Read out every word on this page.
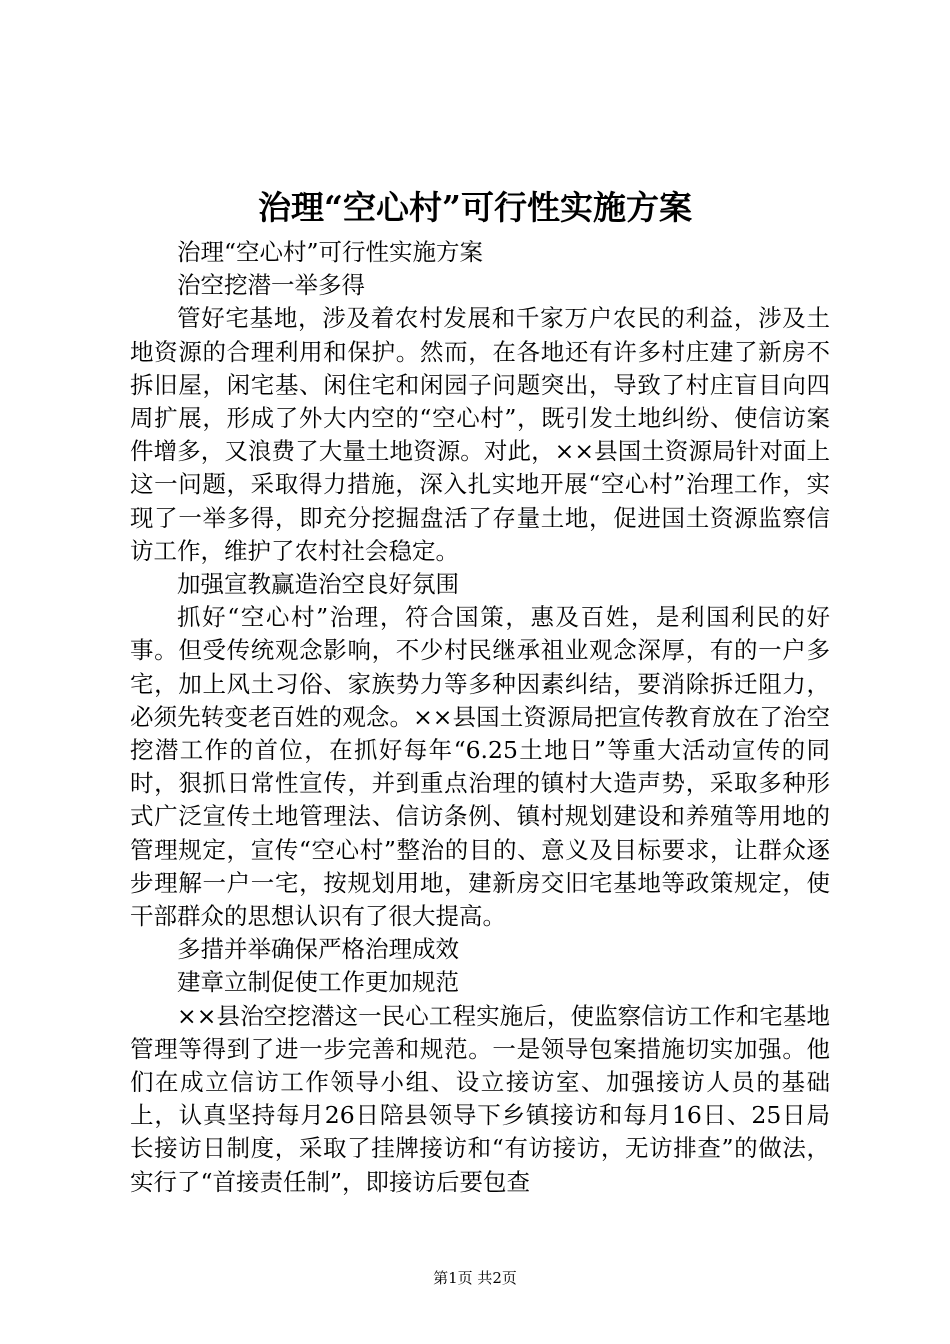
治理“空心村”可行性实施方案

治理“空心村”可行性实施方案

治空挖潜一举多得

管好宅基地，涉及着农村发展和千家万户农民的利益，涉及土地资源的合理利用和保护。然而，在各地还有许多村庄建了新房不拆旧屋，闲宅基、闲住宅和闲园子问题突出，导致了村庄盲目向四周扩展，形成了外大内空的“空心村”，既引发土地纠纷、使信访案件增多，又浪费了大量土地资源。对此，××县国土资源局针对面上这一问题，采取得力措施，深入扎实地开展“空心村”治理工作，实现了一举多得，即充分挖掘盘活了存量土地，促进国土资源监察信访工作，维护了农村社会稳定。

加强宣教赢造治空良好氛围

抓好“空心村”治理，符合国策，惠及百姓，是利国利民的好事。但受传统观念影响，不少村民继承祖业观念深厚，有的一户多宅，加上风土习俗、家族势力等多种因素纠结，要消除拆迁阻力，必须先转变老百姓的观念。××县国土资源局把宣传教育放在了治空挖潜工作的首位，在抓好每年“6.25土地日”等重大活动宣传的同时，狠抓日常性宣传，并到重点治理的镇村大造声势，采取多种形式广泛宣传土地管理法、信访条例、镇村规划建设和养殖等用地的管理规定，宣传“空心村”整治的目的、意义及目标要求，让群众逐步理解一户一宅，按规划用地，建新房交旧宅基地等政策规定，使干部群众的思想认识有了很大提高。

多措并举确保严格治理成效

建章立制促使工作更加规范

××县治空挖潜这一民心工程实施后，使监察信访工作和宅基地管理等得到了进一步完善和规范。一是领导包案措施切实加强。他们在成立信访工作领导小组、设立接访室、加强接访人员的基础上，认真坚持每月26日陪县领导下乡镇接访和每月16日、25日局长接访日制度，采取了挂牌接访和“有访接访，无访排查”的做法，实行了“首接责任制”，即接访后要包查

第1页 共2页
